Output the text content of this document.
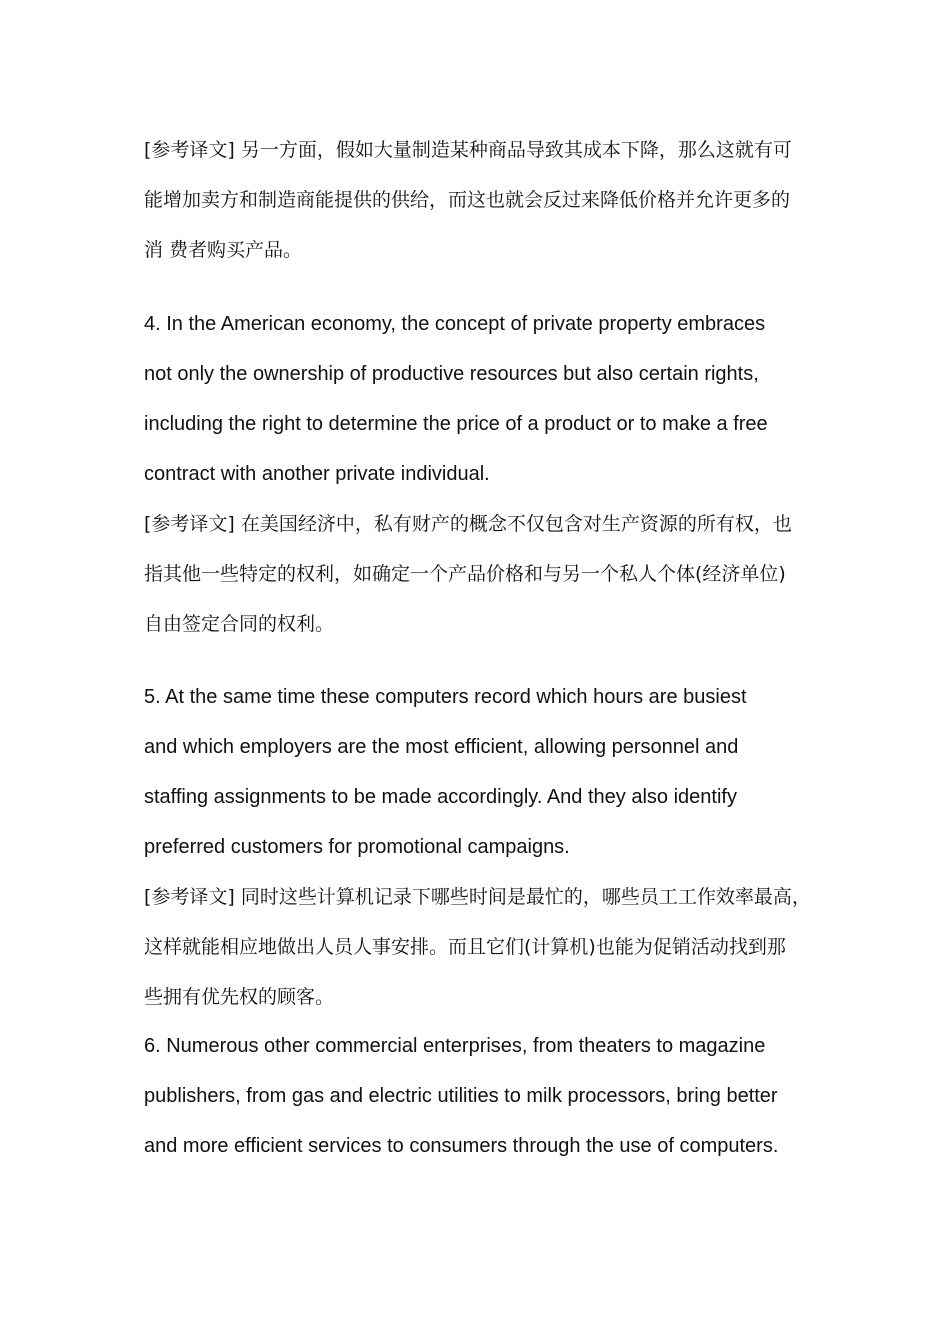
[参考译文] 另一方面，假如大量制造某种商品导致其成本下降，那么这就有可
能增加卖方和制造商能提供的供给，而这也就会反过来降低价格并允许更多的
消 费者购买产品。
4. In the American economy, the concept of private property embraces
not only the ownership of productive resources but also certain rights,
including the right to determine the price of a product or to make a free
contract with another private individual.
[参考译文] 在美国经济中，私有财产的概念不仅包含对生产资源的所有权，也
指其他一些特定的权利，如确定一个产品价格和与另一个私人个体(经济单位)
自由签定合同的权利。
5. At the same time these computers record which hours are busiest
and which employers are the most efficient, allowing personnel and
staffing assignments to be made accordingly. And they also identify
preferred customers for promotional campaigns.
[参考译文] 同时这些计算机记录下哪些时间是最忙的，哪些员工工作效率最高，
这样就能相应地做出人员人事安排。而且它们(计算机)也能为促销活动找到那
些拥有优先权的顾客。
6. Numerous other commercial enterprises, from theaters to magazine
publishers, from gas and electric utilities to milk processors, bring better
and more efficient services to consumers through the use of computers.
